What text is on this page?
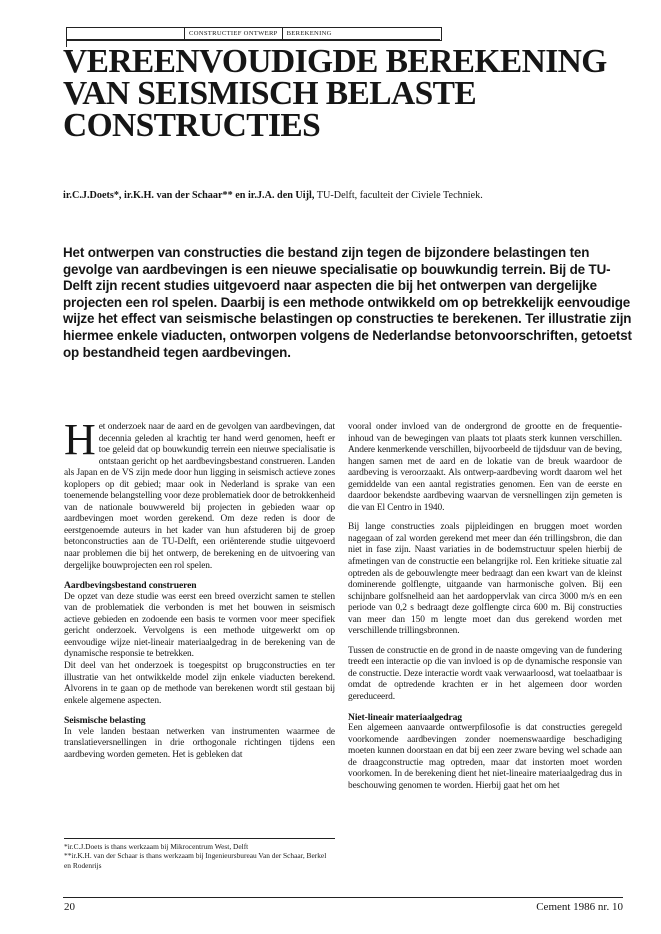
CONSTRUCTIEF ONTWERP	BEREKENING
VEREENVOUDIGDE BEREKENING VAN SEISMISCH BELASTE CONSTRUCTIES
ir.C.J.Doets*, ir.K.H. van der Schaar** en ir.J.A. den Uijl, TU-Delft, faculteit der Civiele Techniek.

Het ontwerpen van constructies die bestand zijn tegen de bijzondere belastingen ten gevolge van aardbevingen is een nieuwe specialisatie op bouwkundig terrein. Bij de TU-Delft zijn recent studies uitgevoerd naar aspecten die bij het ontwerpen van dergelijke projecten een rol spelen. Daarbij is een methode ontwikkeld om op betrekkelijk eenvoudige wijze het effect van seismische belastingen op constructies te berekenen. Ter illustratie zijn hiermee enkele viaducten, ontworpen volgens de Nederlandse betonvoorschriften, getoetst op bestandheid tegen aardbevingen.

Het onderzoek naar de aard en de gevolgen van aardbevingen, dat decennia geleden al krachtig ter hand werd genomen, heeft er toe geleid dat op bouwkundig terrein een nieuwe specialisatie is ontstaan gericht op het aardbevingsbestand construeren. Landen als Japan en de VS zijn mede door hun ligging in seismisch actieve zones koplopers op dit gebied; maar ook in Nederland is sprake van een toenemende belangstelling voor deze problematiek door de betrokkenheid van de nationale bouwwereld bij projecten in gebieden waar op aardbevingen moet worden gerekend. Om deze reden is door de eerstgenoemde auteurs in het kader van hun afstuderen bij de groep betonconstructies aan de TU-Delft, een oriënterende studie uitgevoerd naar problemen die bij het ontwerp, de berekening en de uitvoering van dergelijke bouwprojecten een rol spelen.

Aardbevingsbestand construeren

De opzet van deze studie was eerst een breed overzicht samen te stellen van de problematiek die verbonden is met het bouwen in seismisch actieve gebieden en zodoende een basis te vormen voor meer specifiek gericht onderzoek. Vervolgens is een methode uitgewerkt om op eenvoudige wijze niet-lineair materiaalgedrag in de berekening van de dynamische responsie te betrekken.

Dit deel van het onderzoek is toegespitst op brugconstructies en ter illustratie van het ontwikkelde model zijn enkele viaducten berekend. Alvorens in te gaan op de methode van berekenen wordt stil gestaan bij enkele algemene aspecten.

Seismische belasting

In vele landen bestaan netwerken van instrumenten waarmee de translatieversnellingen in drie orthogonale richtingen tijdens een aardbeving worden gemeten. Het is gebleken dat

vooral onder invloed van de ondergrond de grootte en de frequentie-inhoud van de bewegingen van plaats tot plaats sterk kunnen verschillen. Andere kenmerkende verschillen, bijvoorbeeld de tijdsduur van de beving, hangen samen met de aard en de lokatie van de breuk waardoor de aardbeving is veroorzaakt. Als ontwerp-aardbeving wordt daarom wel het gemiddelde van een aantal registraties genomen. Een van de eerste en daardoor bekendste aardbeving waarvan de versnellingen zijn gemeten is die van El Centro in 1940.

Bij lange constructies zoals pijpleidingen en bruggen moet worden nagegaan of zal worden gerekend met meer dan één trillingsbron, die dan niet in fase zijn. Naast variaties in de bodemstructuur spelen hierbij de afmetingen van de constructie een belangrijke rol. Een kritieke situatie zal optreden als de gebouwlengte meer bedraagt dan een kwart van de kleinst dominerende golflengte, uitgaande van harmonische golven. Bij een schijnbare golfsnelheid aan het aardoppervlak van circa 3000 m/s en een periode van 0,2 s bedraagt deze golflengte circa 600 m. Bij constructies van meer dan 150 m lengte moet dan dus gerekend worden met verschillende trillingsbronnen.

Tussen de constructie en de grond in de naaste omgeving van de fundering treedt een interactie op die van invloed is op de dynamische responsie van de constructie. Deze interactie wordt vaak verwaarloosd, wat toelaatbaar is omdat de optredende krachten er in het algemeen door worden gereduceerd.

Niet-lineair materiaalgedrag

Een algemeen aanvaarde ontwerpfilosofie is dat constructies geregeld voorkomende aardbevingen zonder noemenswaardige beschadiging moeten kunnen doorstaan en dat bij een zeer zware beving wel schade aan de draagconstructie mag optreden, maar dat instorten moet worden voorkomen. In de berekening dient het niet-lineaire materiaalgedrag dus in beschouwing genomen te worden. Hierbij gaat het om het

*ir.C.J.Doets is thans werkzaam bij Mikrocentrum West, Delft
**ir.K.H. van der Schaar is thans werkzaam bij Ingenieursbureau Van der Schaar, Berkel en Rodenrijs
20	Cement 1986 nr. 10
